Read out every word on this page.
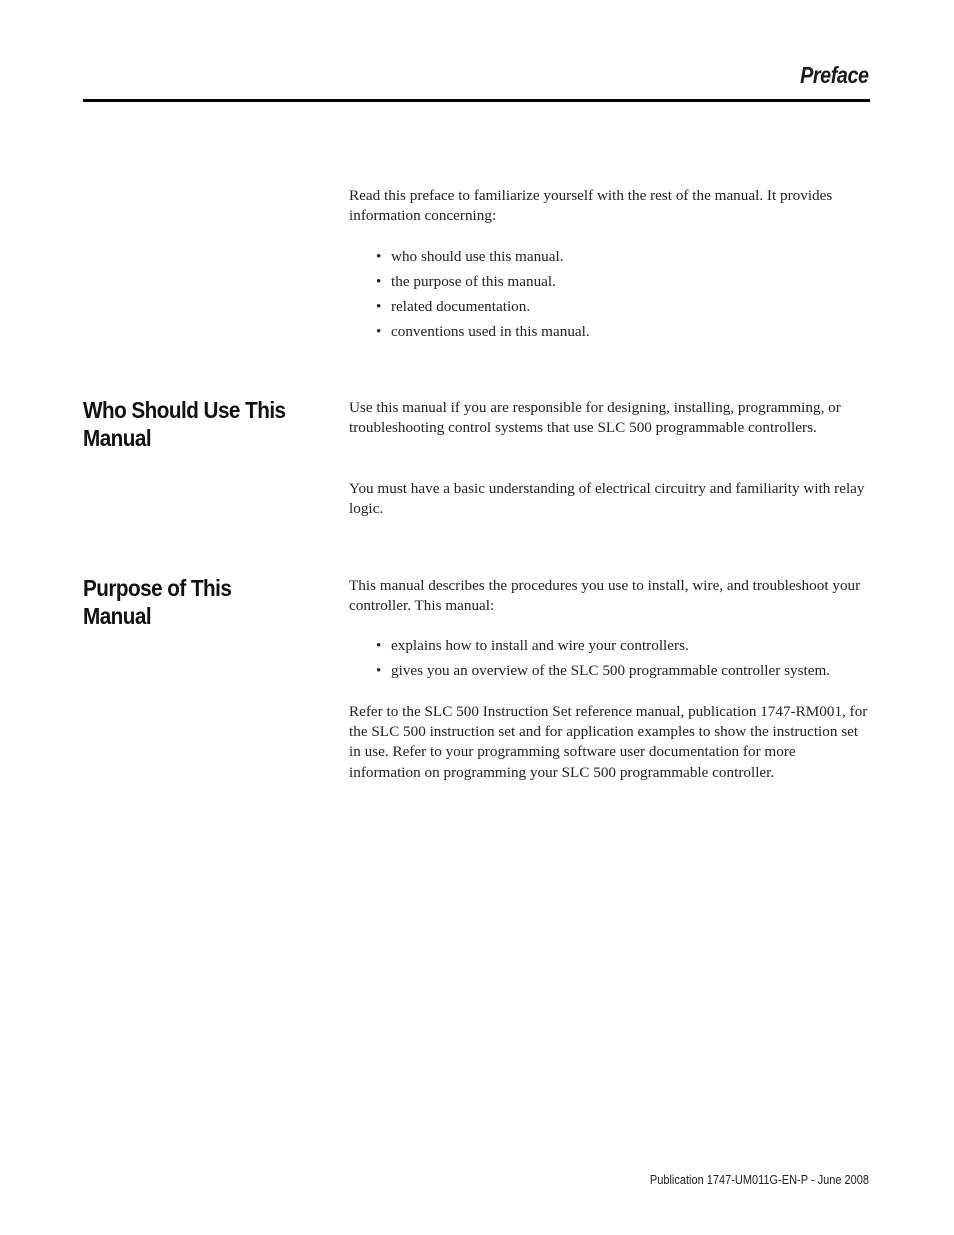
Preface

Read this preface to familiarize yourself with the rest of the manual. It provides information concerning:

• who should use this manual.
• the purpose of this manual.
• related documentation.
• conventions used in this manual.
Who Should Use This Manual

Use this manual if you are responsible for designing, installing, programming, or troubleshooting control systems that use SLC 500 programmable controllers.

You must have a basic understanding of electrical circuitry and familiarity with relay logic.

Purpose of This Manual

This manual describes the procedures you use to install, wire, and troubleshoot your controller. This manual:

• explains how to install and wire your controllers.
• gives you an overview of the SLC 500 programmable controller system.

Refer to the SLC 500 Instruction Set reference manual, publication 1747-RM001, for the SLC 500 instruction set and for application examples to show the instruction set in use. Refer to your programming software user documentation for more information on programming your SLC 500 programmable controller.

Publication 1747-UM011G-EN-P - June 2008
